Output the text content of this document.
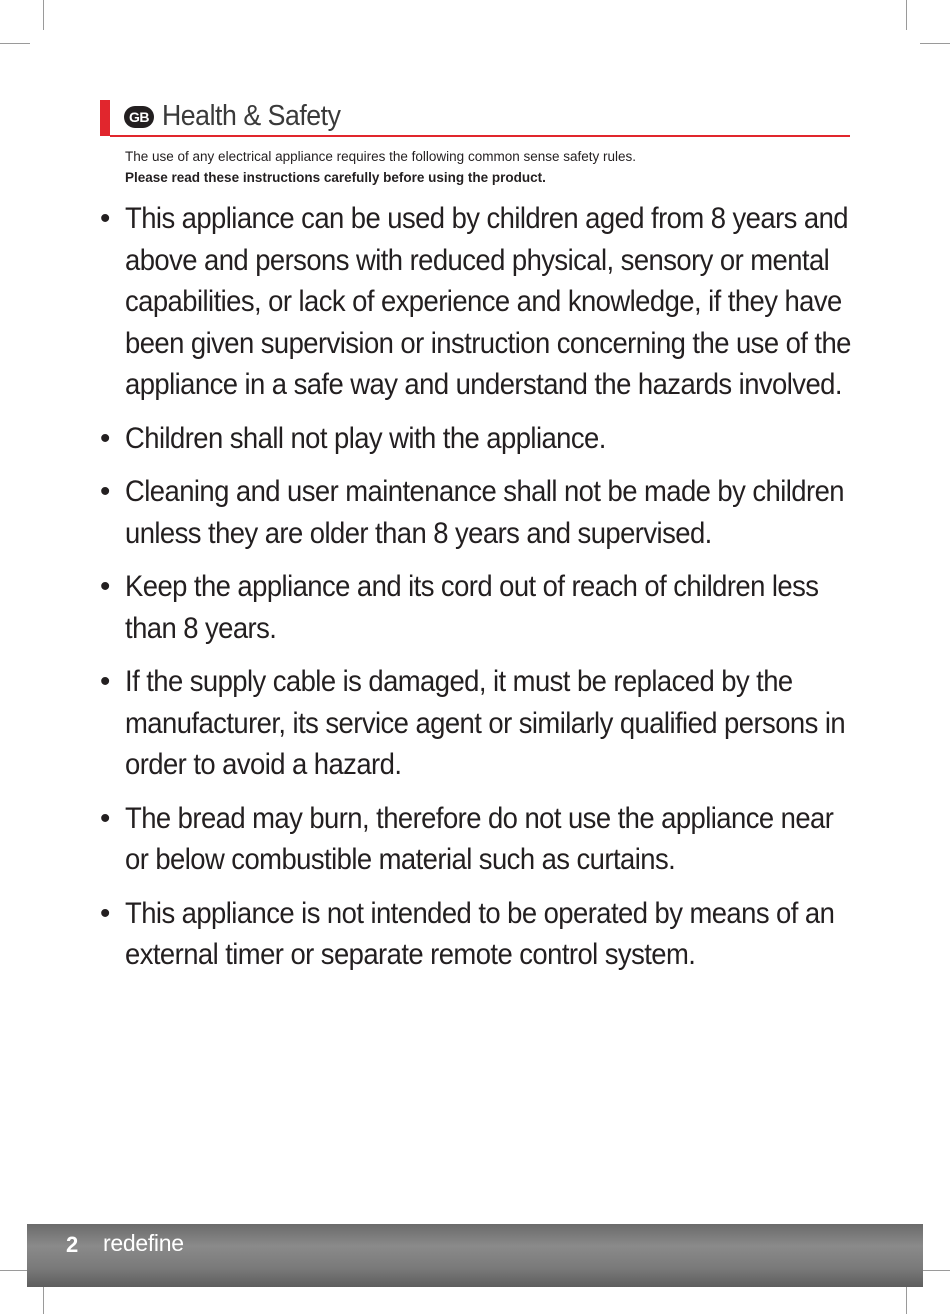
GB Health & Safety
The use of any electrical appliance requires the following common sense safety rules.
Please read these instructions carefully before using the product.
• This appliance can be used by children aged from 8 years and above and persons with reduced physical, sensory or mental capabilities, or lack of experience and knowledge, if they have been given supervision or instruction concerning the use of the appliance in a safe way and understand the hazards involved.
• Children shall not play with the appliance.
• Cleaning and user maintenance shall not be made by children unless they are older than 8 years and supervised.
• Keep the appliance and its cord out of reach of children less than 8 years.
• If the supply cable is damaged, it must be replaced by the manufacturer, its service agent or similarly qualified persons in order to avoid a hazard.
• The bread may burn, therefore do not use the appliance near or below combustible material such as curtains.
• This appliance is not intended to be operated by means of an external timer or separate remote control system.
2 redefine
